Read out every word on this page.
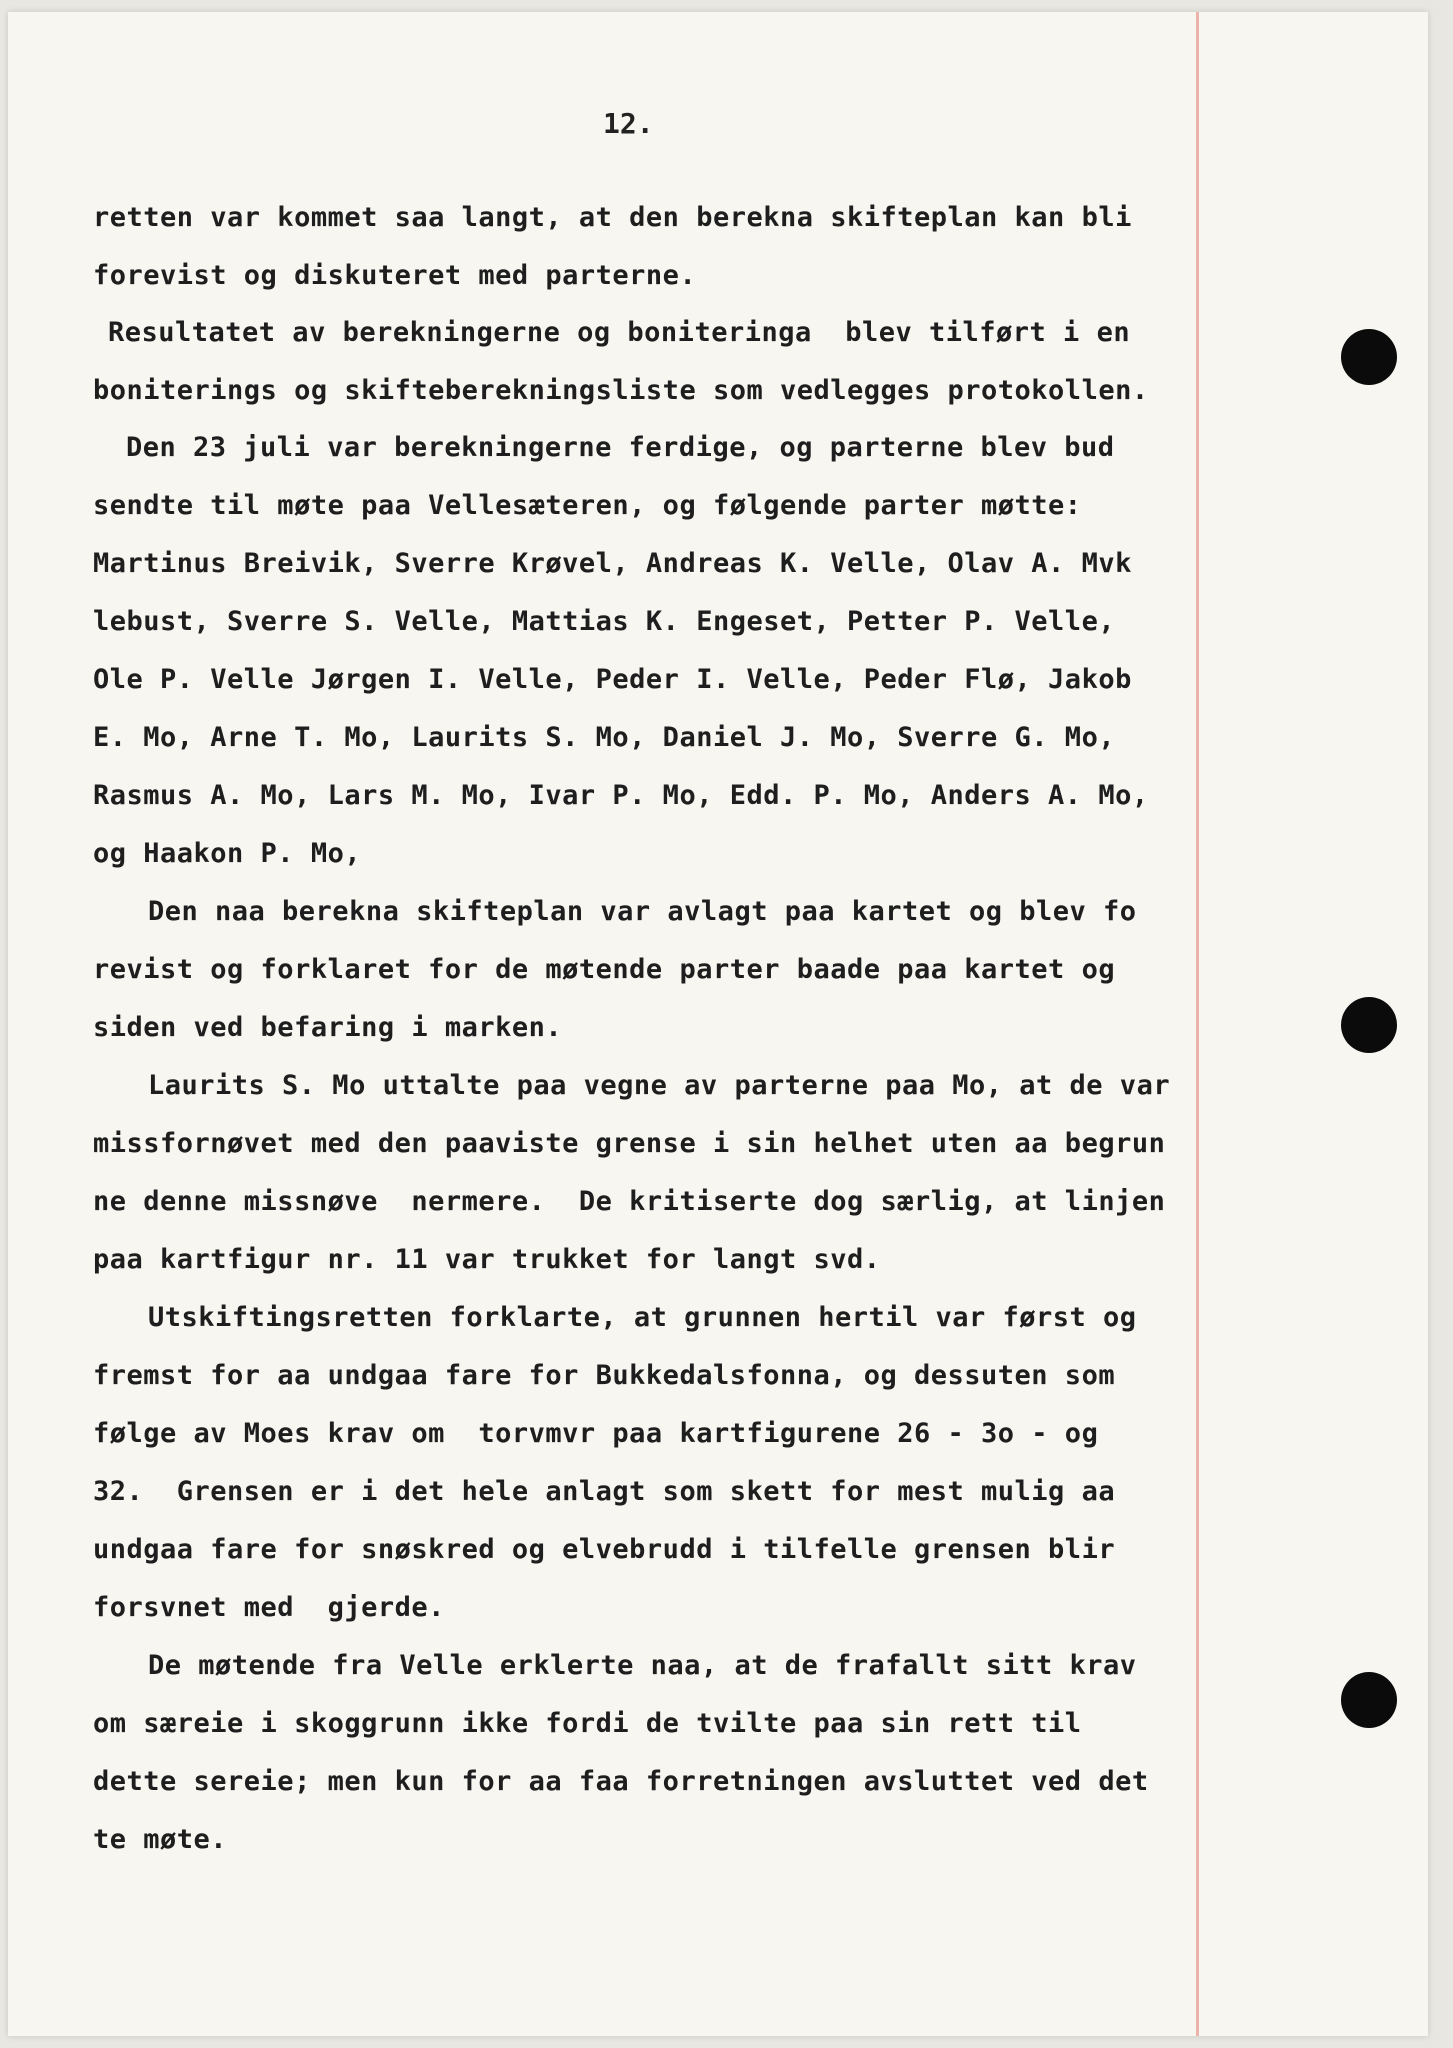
12.
retten var kommet saa langt, at den berekna skifteplan kan bli
forevist og diskuteret med parterne.
Resultatet av berekningerne og boniteringa  blev tilført i en
boniterings og skifteberekningsliste som vedlegges protokollen.
Den 23 juli var berekningerne ferdige, og parterne blev bud
sendte til møte paa Vellesæteren, og følgende parter møtte:
Martinus Breivik, Sverre Krøvel, Andreas K. Velle, Olav A. Mvk
lebust, Sverre S. Velle, Mattias K. Engeset, Petter P. Velle,
Ole P. Velle Jørgen I. Velle, Peder I. Velle, Peder Flø, Jakob
E. Mo, Arne T. Mo, Laurits S. Mo, Daniel J. Mo, Sverre G. Mo,
Rasmus A. Mo, Lars M. Mo, Ivar P. Mo, Edd. P. Mo, Anders A. Mo,
og Haakon P. Mo,
Den naa berekna skifteplan var avlagt paa kartet og blev fo
revist og forklaret for de møtende parter baade paa kartet og
siden ved befaring i marken.
Laurits S. Mo uttalte paa vegne av parterne paa Mo, at de var
missfornøvet med den paaviste grense i sin helhet uten aa begrun
ne denne missnøve  nermere.  De kritiserte dog særlig, at linjen
paa kartfigur nr. 11 var trukket for langt svd.
Utskiftingsretten forklarte, at grunnen hertil var først og
fremst for aa undgaa fare for Bukkedalsfonna, og dessuten som
følge av Moes krav om  torvmvr paa kartfigurene 26 - 3o - og
32.  Grensen er i det hele anlagt som skett for mest mulig aa
undgaa fare for snøskred og elvebrudd i tilfelle grensen blir
forsvnet med  gjerde.
De møtende fra Velle erklerte naa, at de frafallt sitt krav
om særeie i skoggrunn ikke fordi de tvilte paa sin rett til
dette sereie; men kun for aa faa forretningen avsluttet ved det
te møte.
